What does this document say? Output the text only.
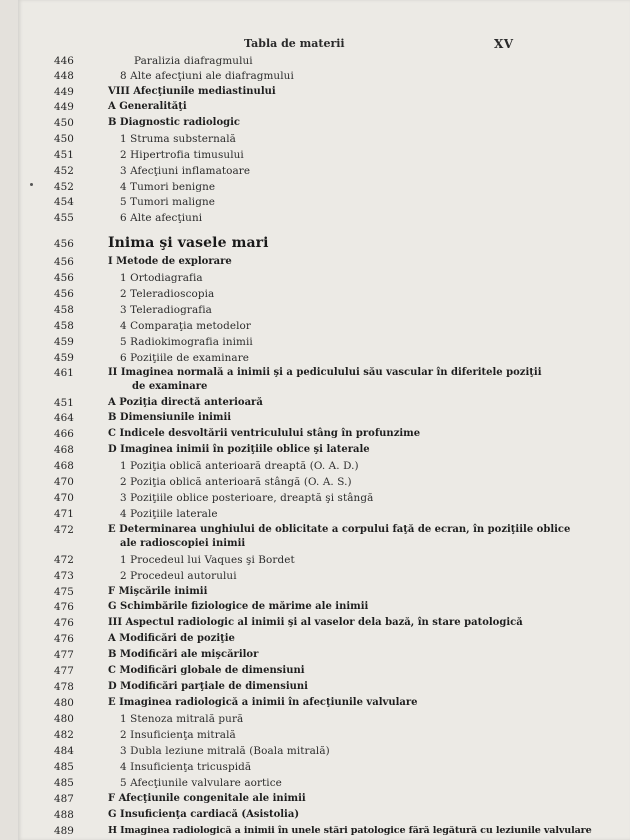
Tabla de materii	XV
446	Paralizia diafragmului
448	8 Alte afecţiuni ale diafragmului
449	VIII Afecţiunile mediastinului
449	A Generalităţi
450	B Diagnostic radiologic
450	1 Struma substernală
451	2 Hipertrofia timusului
452	3 Afecţiuni inflamatoare
452	4 Tumori benigne
454	5 Tumori maligne
455	6 Alte afecţiuni
456 Inima şi vasele mari
456	I Metode de explorare
456	1 Ortodiagrafia
456	2 Teleradioscopia
458	3 Teleradiografia
458	4 Comparaţia metodelor
459	5 Radiokimografia inimii
459	6 Poziţiile de examinare
461	II Imaginea normală a inimii şi a pediculului său vascular în diferitele poziţii
de examinare
451	A Poziţia directă anterioară
464	B Dimensiunile inimii
466	C Indicele desvoltării ventriculului stâng în profunzime
468	D Imaginea inimii în poziţiile oblice şi laterale
468	1 Poziţia oblică anterioară dreaptă (O. A. D.)
470	2 Poziţia oblică anterioară stângă (O. A. S.)
470	3 Poziţiile oblice posterioare, dreaptă şi stângă
471	4 Poziţiile laterale
472	E Determinarea unghiului de oblicitate a corpului faţă de ecran, în poziţiile oblice
ale radioscopiei inimii
472	1 Procedeul lui Vaques şi Bordet
473	2 Procedeul autorului
475	F Mişcările inimii
476	G Schimbările fiziologice de mărime ale inimii
476	III Aspectul radiologic al inimii şi al vaselor dela bază, în stare patologică
476	A Modificări de poziţie
477	B Modificări ale mişcărilor
477	C Modificări globale de dimensiuni
478	D Modificări parţiale de dimensiuni
480	E Imaginea radiologică a inimii în afecţiunile valvulare
480	1 Stenoza mitrală pură
482	2 Insuficienţa mitrală
484	3 Dubla leziune mitrală (Boala mitrală)
485	4 Insuficienţa tricuspidă
485	5 Afecţiunile valvulare aortice
487	F Afecţiunile congenitale ale inimii
488	G Insuficienţa cardiacă (Asistolia)
489	H Imaginea radiologică a inimii în unele stări patologice fără legătură cu leziunile valvulare
